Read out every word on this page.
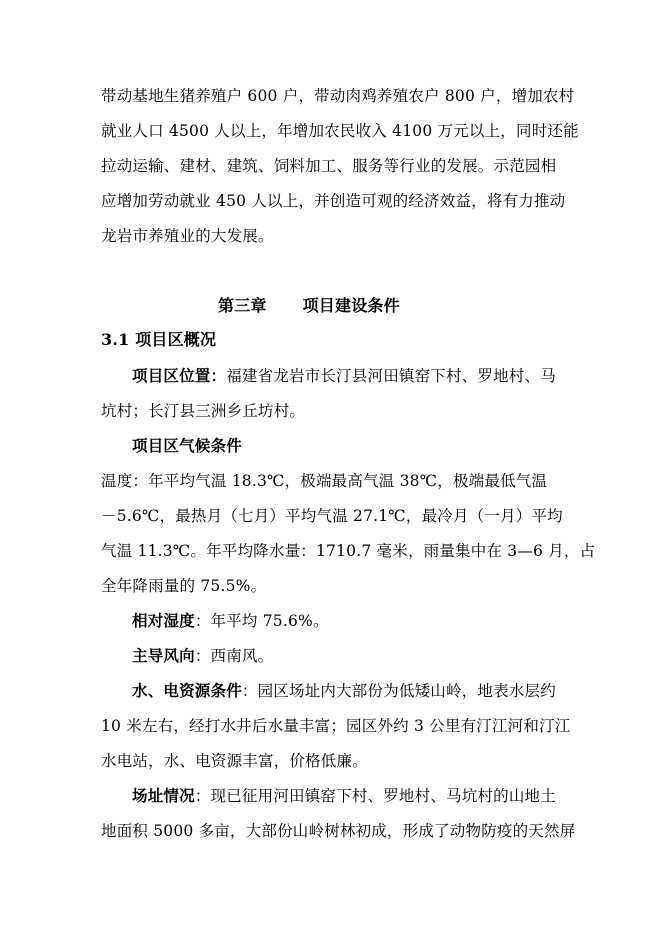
带动基地生猪养殖户 600 户，带动肉鸡养殖农户 800 户，增加农村
就业人口 4500 人以上，年增加农民收入 4100 万元以上，同时还能
拉动运输、建材、建筑、饲料加工、服务等行业的发展。示范园相
应增加劳动就业 450 人以上，并创造可观的经济效益，将有力推动
龙岩市养殖业的大发展。
第三章 项目建设条件
3.1 项目区概况
项目区位置：福建省龙岩市长汀县河田镇窑下村、罗地村、马
坑村；长汀县三洲乡丘坊村。
项目区气候条件
温度：年平均气温 18.3℃，极端最高气温 38℃，极端最低气温
－5.6℃，最热月（七月）平均气温 27.1℃，最冷月（一月）平均
气温 11.3℃。年平均降水量：1710.7 毫米，雨量集中在 3—6 月，占
全年降雨量的 75.5%。
相对湿度：年平均 75.6%。
主导风向：西南风。
水、电资源条件：园区场址内大部份为低矮山岭，地表水层约
10 米左右，经打水井后水量丰富；园区外约 3 公里有汀江河和汀江
水电站，水、电资源丰富，价格低廉。
场址情况：现已征用河田镇窑下村、罗地村、马坑村的山地土
地面积 5000 多亩，大部份山岭树林初成，形成了动物防疫的天然屏
